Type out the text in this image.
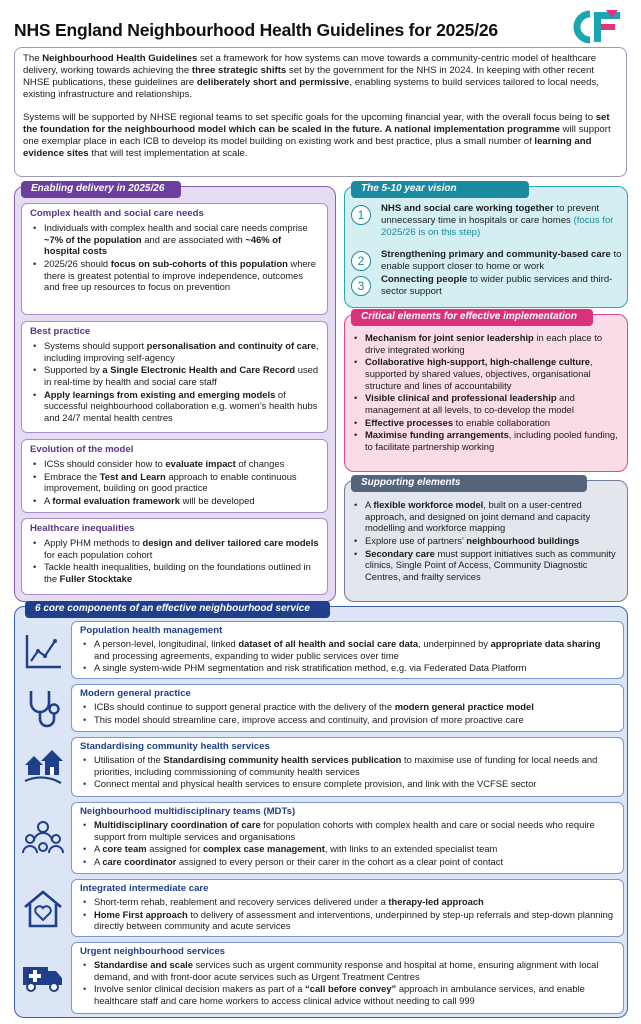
NHS England Neighbourhood Health Guidelines for 2025/26

The Neighbourhood Health Guidelines set a framework for how systems can move towards a community-centric model of healthcare delivery, working towards achieving the three strategic shifts set by the government for the NHS in 2024. In keeping with other recent NHSE publications, these guidelines are deliberately short and permissive, enabling systems to build services tailored to local needs, existing infrastructure and relationships.

Systems will be supported by NHSE regional teams to set specific goals for the upcoming financial year, with the overall focus being to set the foundation for the neighbourhood model which can be scaled in the future. A national implementation programme will support one exemplar place in each ICB to develop its model building on existing work and best practice, plus a small number of learning and evidence sites that will test implementation at scale.

Enabling delivery in 2025/26
Complex health and social care needs
• Individuals with complex health and social care needs comprise ~7% of the population and are associated with ~46% of hospital costs
• 2025/26 should focus on sub-cohorts of this population where there is greatest potential to improve independence, outcomes and free up resources to focus on prevention
Best practice
• Systems should support personalisation and continuity of care, including improving self-agency
• Supported by a Single Electronic Health and Care Record used in real-time by health and social care staff
• Apply learnings from existing and emerging models of successful neighbourhood collaboration e.g. women’s health hubs and 24/7 mental health centres
Evolution of the model
• ICSs should consider how to evaluate impact of changes
• Embrace the Test and Learn approach to enable continuous improvement, building on good practice
• A formal evaluation framework will be developed
Healthcare inequalities
• Apply PHM methods to design and deliver tailored care models for each population cohort
• Tackle health inequalities, building on the foundations outlined in the Fuller Stocktake
The 5-10 year vision
1	NHS and social care working together to prevent unnecessary time in hospitals or care homes (focus for 2025/26 is on this step)
2	Strengthening primary and community-based care to enable support closer to home or work
3	Connecting people to wider public services and third-sector support
Critical elements for effective implementation
• Mechanism for joint senior leadership in each place to drive integrated working
• Collaborative high-support, high-challenge culture, supported by shared values, objectives, organisational structure and lines of accountability
• Visible clinical and professional leadership and management at all levels, to co-develop the model
• Effective processes to enable collaboration
• Maximise funding arrangements, including pooled funding, to facilitate partnership working
Supporting elements
• A flexible workforce model, built on a user-centred approach, and designed on joint demand and capacity modelling and workforce mapping
• Explore use of partners’ neighbourhood buildings
• Secondary care must support initiatives such as community clinics, Single Point of Access, Community Diagnostic Centres, and frailty services
6 core components of an effective neighbourhood service
Population health management
• A person-level, longitudinal, linked dataset of all health and social care data, underpinned by appropriate data sharing and processing agreements, expanding to wider public services over time
• A single system-wide PHM segmentation and risk stratification method, e.g. via Federated Data Platform
Modern general practice
• ICBs should continue to support general practice with the delivery of the modern general practice model
• This model should streamline care, improve access and continuity, and provision of more proactive care
Standardising community health services
• Utilisation of the Standardising community health services publication to maximise use of funding for local needs and priorities, including commissioning of community health services
• Connect mental and physical health services to ensure complete provision, and link with the VCFSE sector
Neighbourhood multidisciplinary teams (MDTs)
• Multidisciplinary coordination of care for population cohorts with complex health and care or social needs who require support from multiple services and organisations
• A core team assigned for complex case management, with links to an extended specialist team
• A care coordinator assigned to every person or their carer in the cohort as a clear point of contact
Integrated intermediate care
• Short-term rehab, reablement and recovery services delivered under a therapy-led approach
• Home First approach to delivery of assessment and interventions, underpinned by step-up referrals and step-down planning directly between community and acute services
Urgent neighbourhood services
• Standardise and scale services such as urgent community response and hospital at home, ensuring alignment with local demand, and with front-door acute services such as Urgent Treatment Centres
• Involve senior clinical decision makers as part of a “call before convey” approach in ambulance services, and enable healthcare staff and care home workers to access clinical advice without needing to call 999
